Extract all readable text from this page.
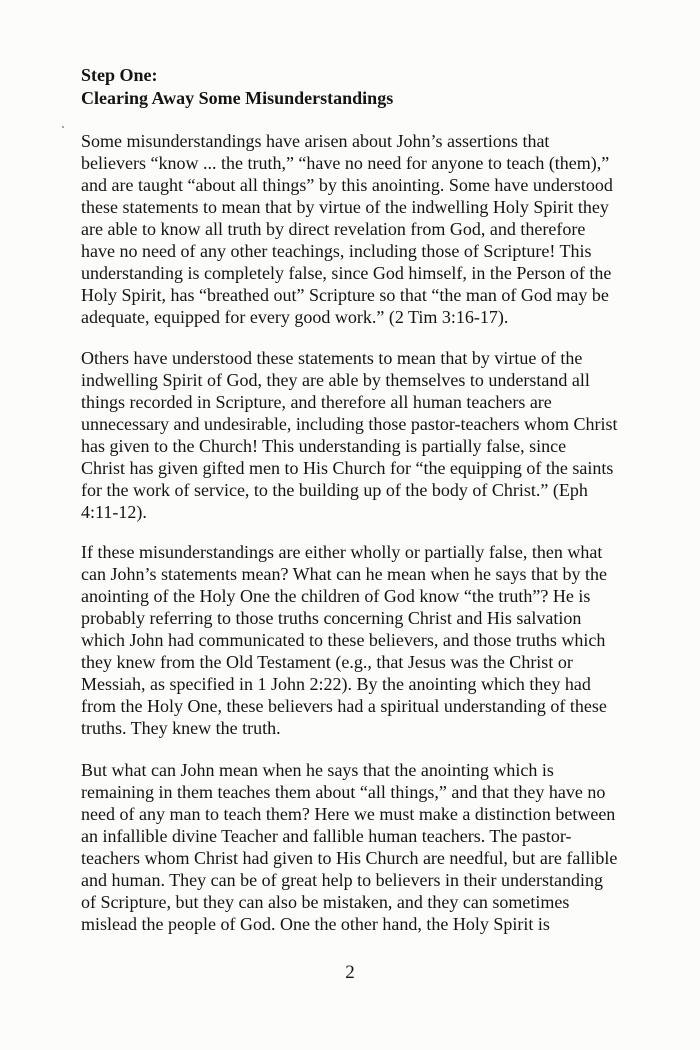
Step One:
Clearing Away Some Misunderstandings
Some misunderstandings have arisen about John’s assertions that
believers “know ... the truth,” “have no need for anyone to teach (them),”
and are taught “about all things” by this anointing. Some have understood
these statements to mean that by virtue of the indwelling Holy Spirit they
are able to know all truth by direct revelation from God, and therefore
have no need of any other teachings, including those of Scripture! This
understanding is completely false, since God himself, in the Person of the
Holy Spirit, has “breathed out” Scripture so that “the man of God may be
adequate, equipped for every good work.” (2 Tim 3:16-17).
Others have understood these statements to mean that by virtue of the
indwelling Spirit of God, they are able by themselves to understand all
things recorded in Scripture, and therefore all human teachers are
unnecessary and undesirable, including those pastor-teachers whom Christ
has given to the Church! This understanding is partially false, since
Christ has given gifted men to His Church for “the equipping of the saints
for the work of service, to the building up of the body of Christ.” (Eph
4:11-12).
If these misunderstandings are either wholly or partially false, then what
can John’s statements mean? What can he mean when he says that by the
anointing of the Holy One the children of God know “the truth”? He is
probably referring to those truths concerning Christ and His salvation
which John had communicated to these believers, and those truths which
they knew from the Old Testament (e.g., that Jesus was the Christ or
Messiah, as specified in 1 John 2:22). By the anointing which they had
from the Holy One, these believers had a spiritual understanding of these
truths. They knew the truth.
But what can John mean when he says that the anointing which is
remaining in them teaches them about “all things,” and that they have no
need of any man to teach them? Here we must make a distinction between
an infallible divine Teacher and fallible human teachers. The pastor-
teachers whom Christ had given to His Church are needful, but are fallible
and human. They can be of great help to believers in their understanding
of Scripture, but they can also be mistaken, and they can sometimes
mislead the people of God. One the other hand, the Holy Spirit is
2
